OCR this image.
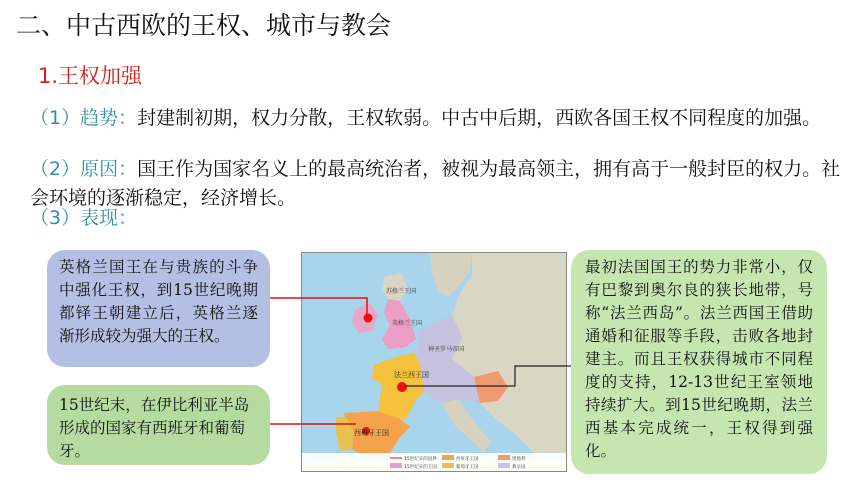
二、中古西欧的王权、城市与教会
1.王权加强
（1）趋势：封建制初期，权力分散，王权软弱。中古中后期，西欧各国王权不同程度的加强。
（2）原因：国王作为国家名义上的最高统治者，被视为最高领主，拥有高于一般封臣的权力。社会环境的逐渐稳定，经济增长。
（3）表现：
英格兰国王在与贵族的斗争中强化王权，到15世纪晚期都铎王朝建立后，英格兰逐渐形成较为强大的王权。
15世纪末，在伊比利亚半岛形成的国家有西班牙和葡萄牙。
最初法国国王的势力非常小，仅有巴黎到奥尔良的狭长地带，号称“法兰西岛”。法兰西国王借助通婚和征服等手段，击败各地封建主。而且王权获得城市不同程度的支持，12-13世纪王室领地持续扩大。到15世纪晚期，法兰西基本完成统一，王权得到强化。
苏格兰王国
英格兰王国
法兰西王国
西班牙王国
神圣罗马帝国
15世纪末的国界
15世纪末的王国
西班牙王国
葡萄牙王国
奥地利
教皇国
